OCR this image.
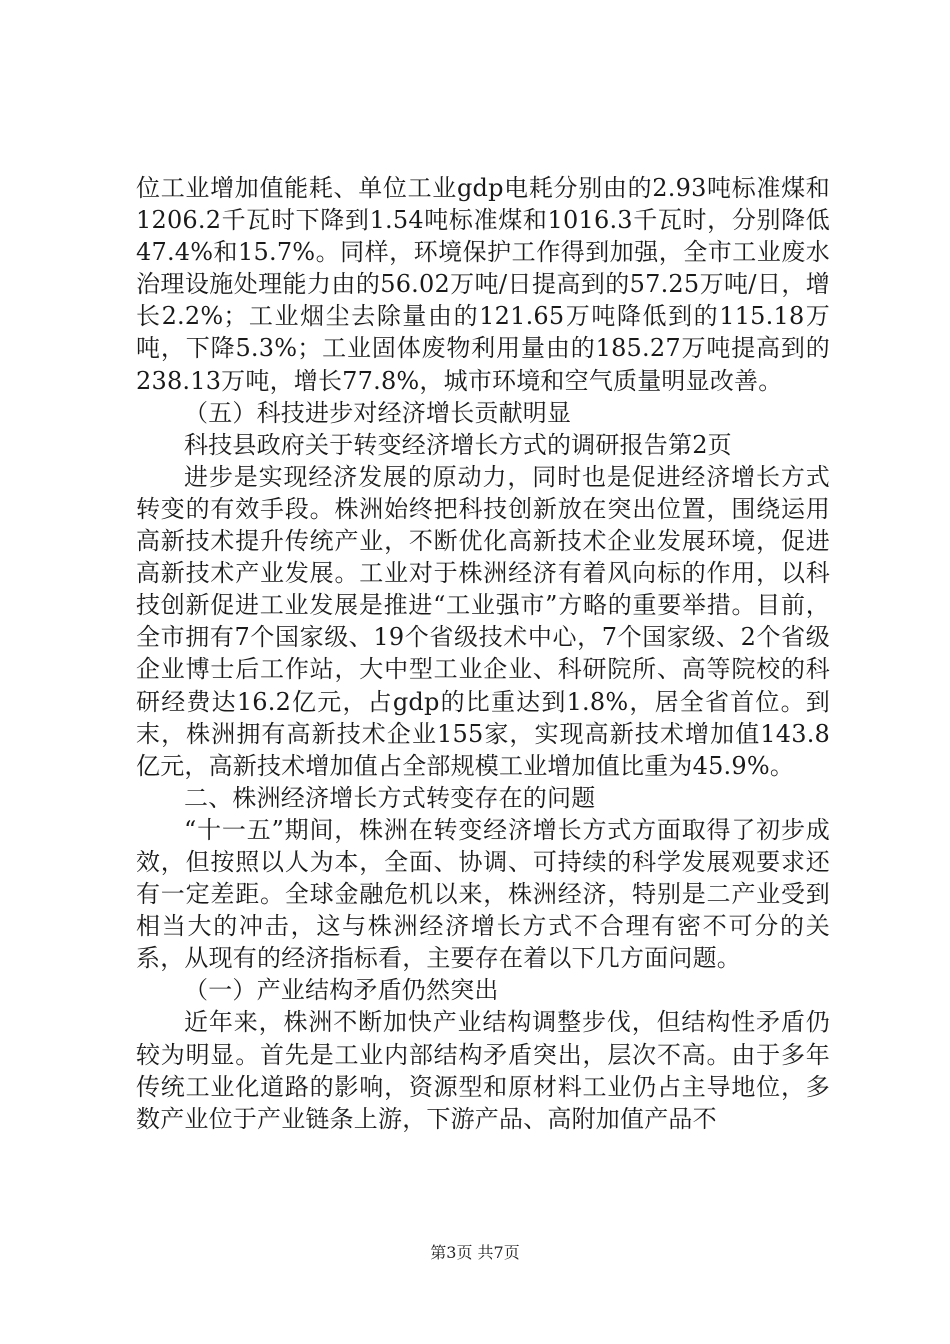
位工业增加值能耗、单位工业gdp电耗分别由的2.93吨标准煤和1206.2千瓦时下降到1.54吨标准煤和1016.3千瓦时，分别降低47.4%和15.7%。同样，环境保护工作得到加强，全市工业废水治理设施处理能力由的56.02万吨/日提高到的57.25万吨/日，增长2.2%；工业烟尘去除量由的121.65万吨降低到的115.18万吨，下降5.3%；工业固体废物利用量由的185.27万吨提高到的238.13万吨，增长77.8%，城市环境和空气质量明显改善。

（五）科技进步对经济增长贡献明显

科技县政府关于转变经济增长方式的调研报告第2页

进步是实现经济发展的原动力，同时也是促进经济增长方式转变的有效手段。株洲始终把科技创新放在突出位置，围绕运用高新技术提升传统产业，不断优化高新技术企业发展环境，促进高新技术产业发展。工业对于株洲经济有着风向标的作用，以科技创新促进工业发展是推进“工业强市”方略的重要举措。目前，全市拥有7个国家级、19个省级技术中心，7个国家级、2个省级企业博士后工作站，大中型工业企业、科研院所、高等院校的科研经费达16.2亿元，占gdp的比重达到1.8%，居全省首位。到末，株洲拥有高新技术企业155家，实现高新技术增加值143.8亿元，高新技术增加值占全部规模工业增加值比重为45.9%。

二、株洲经济增长方式转变存在的问题

“十一五”期间，株洲在转变经济增长方式方面取得了初步成效，但按照以人为本，全面、协调、可持续的科学发展观要求还有一定差距。全球金融危机以来，株洲经济，特别是二产业受到相当大的冲击，这与株洲经济增长方式不合理有密不可分的关系，从现有的经济指标看，主要存在着以下几方面问题。

（一）产业结构矛盾仍然突出

近年来，株洲不断加快产业结构调整步伐，但结构性矛盾仍较为明显。首先是工业内部结构矛盾突出，层次不高。由于多年传统工业化道路的影响，资源型和原材料工业仍占主导地位，多数产业位于产业链条上游，下游产品、高附加值产品不

第3页 共7页
